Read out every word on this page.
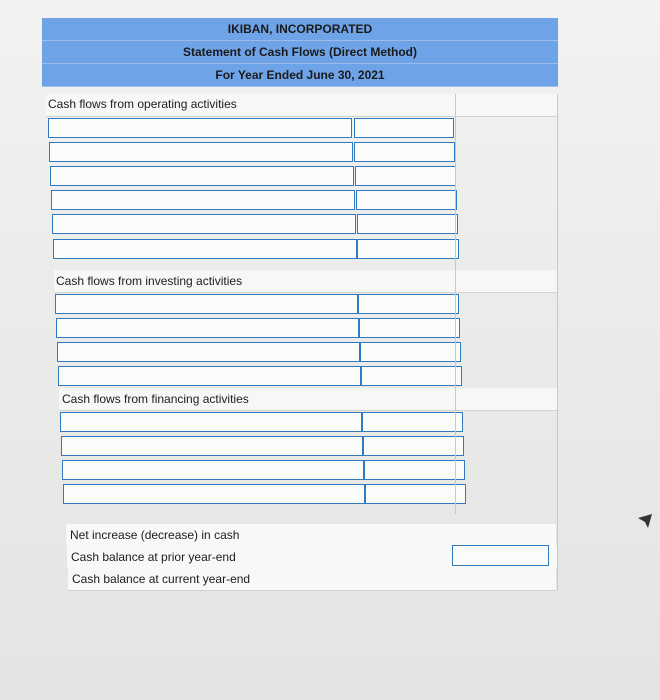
IKIBAN, INCORPORATED
Statement of Cash Flows (Direct Method)
For Year Ended June 30, 2021
Cash flows from operating activities
Cash flows from investing activities
Cash flows from financing activities
Net increase (decrease) in cash
Cash balance at prior year-end
Cash balance at current year-end
